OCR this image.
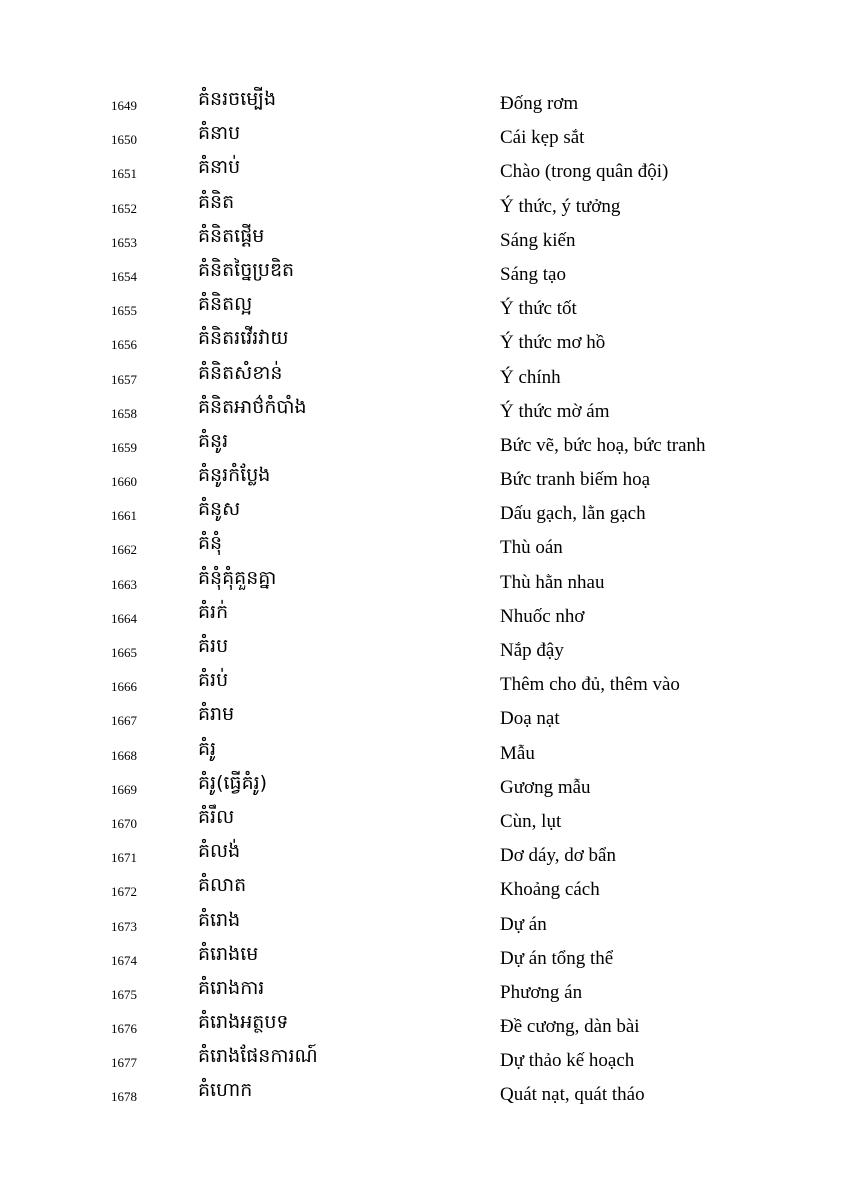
1649	គំនរចម្បើង	Đống rơm
1650	គំនាប	Cái kẹp sắt
1651	គំនាប់	Chào (trong quân đội)
1652	គំនិត	Ý thức, ý tưởng
1653	គំនិតផ្ដើម	Sáng kiến
1654	គំនិតច្នៃប្រឌិត	Sáng tạo
1655	គំនិតល្អ	Ý thức tốt
1656	គំនិតរវើរវាយ	Ý thức mơ hồ
1657	គំនិតសំខាន់	Ý chính
1658	គំនិតអាថ៌កំបាំង	Ý thức mờ ám
1659	គំនូរ	Bức vẽ, bức hoạ, bức tranh
1660	គំនូរកំប្លែង	Bức tranh biếm hoạ
1661	គំនូស	Dấu gạch, lằn gạch
1662	គំនុំ	Thù oán
1663	គំនុំគុំគួនគ្នា	Thù hằn nhau
1664	គំរក់	Nhuốc nhơ
1665	គំរប	Nắp đậy
1666	គំរប់	Thêm cho đủ, thêm vào
1667	គំរាម	Doạ nạt
1668	គំរូ	Mẫu
1669	គំរូ(ធ្វើគំរូ)	Gương mẫu
1670	គំរឹល	Cùn, lụt
1671	គំលង់	Dơ dáy, dơ bẩn
1672	គំលាត	Khoảng cách
1673	គំរោង	Dự án
1674	គំរោងមេ	Dự án tổng thể
1675	គំរោងការ	Phương án
1676	គំរោងអត្ថបទ	Đề cương, dàn bài
1677	គំរោងផែនការណ៍	Dự thảo kế hoạch
1678	គំហោក	Quát nạt, quát tháo
